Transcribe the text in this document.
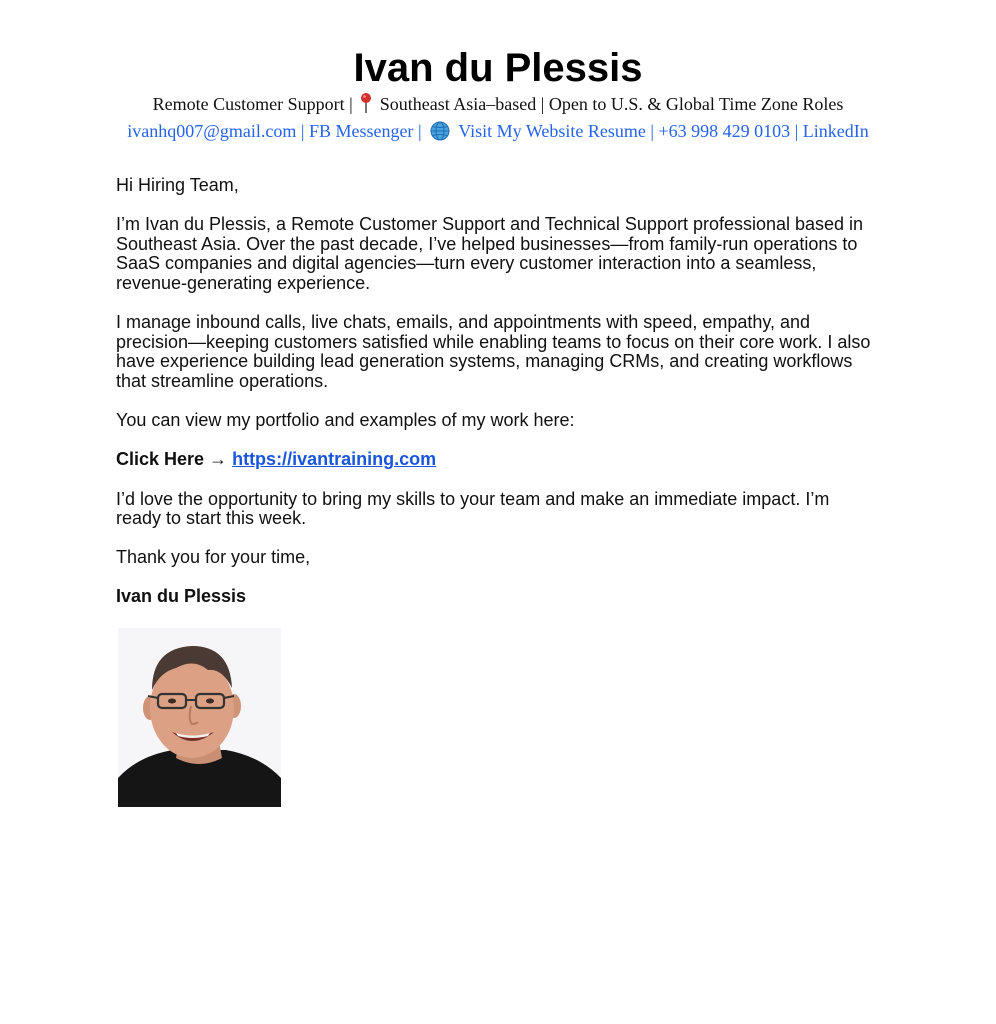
Ivan du Plessis
Remote Customer Support | Southeast Asia–based | Open to U.S. & Global Time Zone Roles
ivanhq007@gmail.com | FB Messenger | Visit My Website Resume | +63 998 429 0103 | LinkedIn

Hi Hiring Team,

I’m Ivan du Plessis, a Remote Customer Support and Technical Support professional based in Southeast Asia. Over the past decade, I’ve helped businesses—from family-run operations to SaaS companies and digital agencies—turn every customer interaction into a seamless, revenue-generating experience.

I manage inbound calls, live chats, emails, and appointments with speed, empathy, and precision—keeping customers satisfied while enabling teams to focus on their core work. I also have experience building lead generation systems, managing CRMs, and creating workflows that streamline operations.

You can view my portfolio and examples of my work here:

Click Here → https://ivantraining.com

I’d love the opportunity to bring my skills to your team and make an immediate impact. I’m ready to start this week.

Thank you for your time,

Ivan du Plessis
